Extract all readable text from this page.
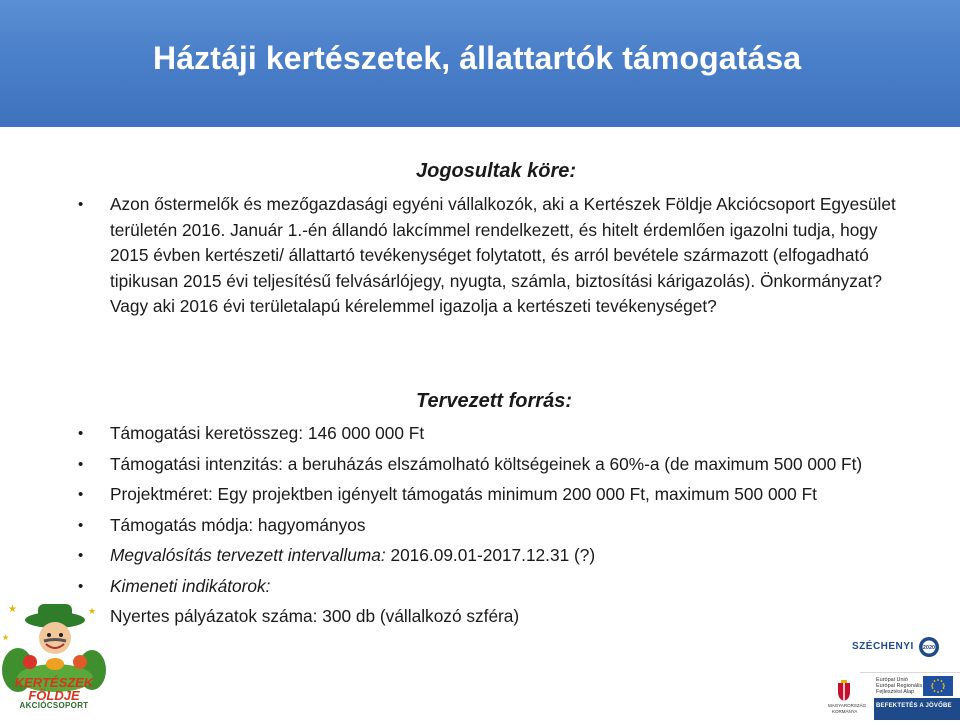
Háztáji kertészetek, állattartók támogatása
Jogosultak köre:
• Azon őstermelők és mezőgazdasági egyéni vállalkozók, aki a Kertészek Földje Akciócsoport Egyesület területén 2016. Január 1.-én állandó lakcímmel rendelkezett, és hitelt érdemlően igazolni tudja, hogy 2015 évben kertészeti/ állattartó tevékenységet folytatott, és arról bevétele származott (elfogadható tipikusan 2015 évi teljesítésű felvásárlójegy, nyugta, számla, biztosítási kárigazolás). Önkormányzat? Vagy aki 2016 évi területalapú kérelemmel igazolja a kertészeti tevékenységet?
Tervezett forrás:
• Támogatási keretösszeg: 146 000 000 Ft
• Támogatási intenzitás: a beruházás elszámolható költségeinek a 60%-a (de maximum 500 000 Ft)
• Projektméret: Egy projektben igényelt támogatás minimum 200 000 Ft, maximum 500 000 Ft
• Támogatás módja: hagyományos
• Megvalósítás tervezett intervalluma: 2016.09.01-2017.12.31 (?)
• Kimeneti indikátorok:
Nyertes pályázatok száma: 300 db (vállalkozó szféra)
★	★
★
KERTÉSZEK
FÖLDJE
AKCIÓCSOPORT
SZÉCHENYI 2020
Európai Unió
Európai Regionális
Fejlesztési Alap
MAGYARORSZÁG
KORMÁNYA
BEFEKTETÉS A JÖVŐBE
